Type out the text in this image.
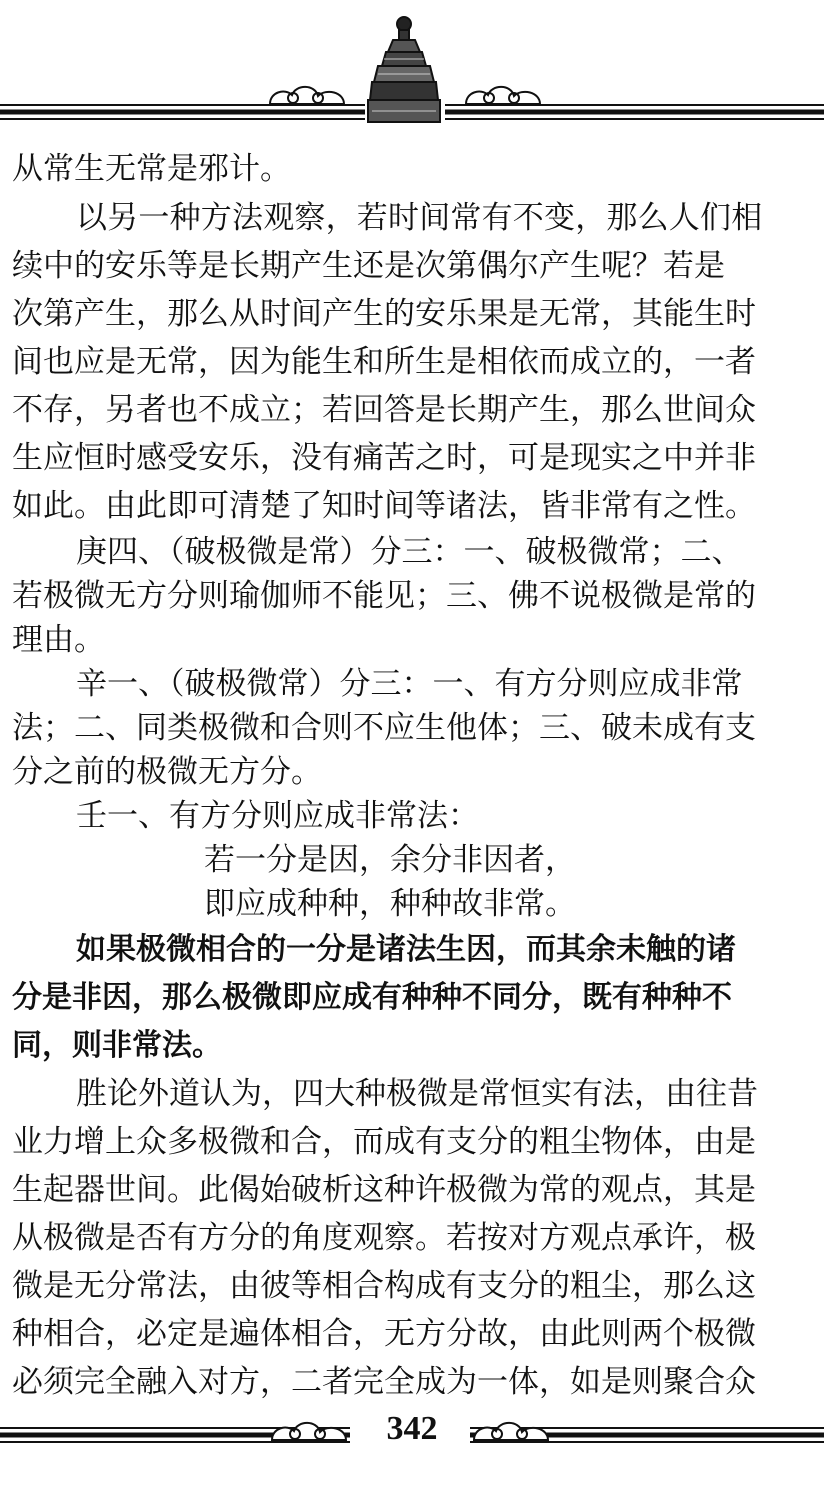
从常生无常是邪计。

以另一种方法观察，若时间常有不变，那么人们相

续中的安乐等是长期产生还是次第偶尔产生呢？若是

次第产生，那么从时间产生的安乐果是无常，其能生时

间也应是无常，因为能生和所生是相依而成立的，一者

不存，另者也不成立；若回答是长期产生，那么世间众

生应恒时感受安乐，没有痛苦之时，可是现实之中并非

如此。由此即可清楚了知时间等诸法，皆非常有之性。

庚四、（破极微是常）分三：一、破极微常；二、

若极微无方分则瑜伽师不能见；三、佛不说极微是常的

理由。

辛一、（破极微常）分三：一、有方分则应成非常

法；二、同类极微和合则不应生他体；三、破未成有支

分之前的极微无方分。

壬一、有方分则应成非常法：

若一分是因，余分非因者，

即应成种种，种种故非常。

如果极微相合的一分是诸法生因，而其余未触的诸

分是非因，那么极微即应成有种种不同分，既有种种不

同，则非常法。

胜论外道认为，四大种极微是常恒实有法，由往昔

业力增上众多极微和合，而成有支分的粗尘物体，由是

生起器世间。此偈始破析这种许极微为常的观点，其是

从极微是否有方分的角度观察。若按对方观点承许，极

微是无分常法，由彼等相合构成有支分的粗尘，那么这

种相合，必定是遍体相合，无方分故，由此则两个极微

必须完全融入对方，二者完全成为一体，如是则聚合众

342
